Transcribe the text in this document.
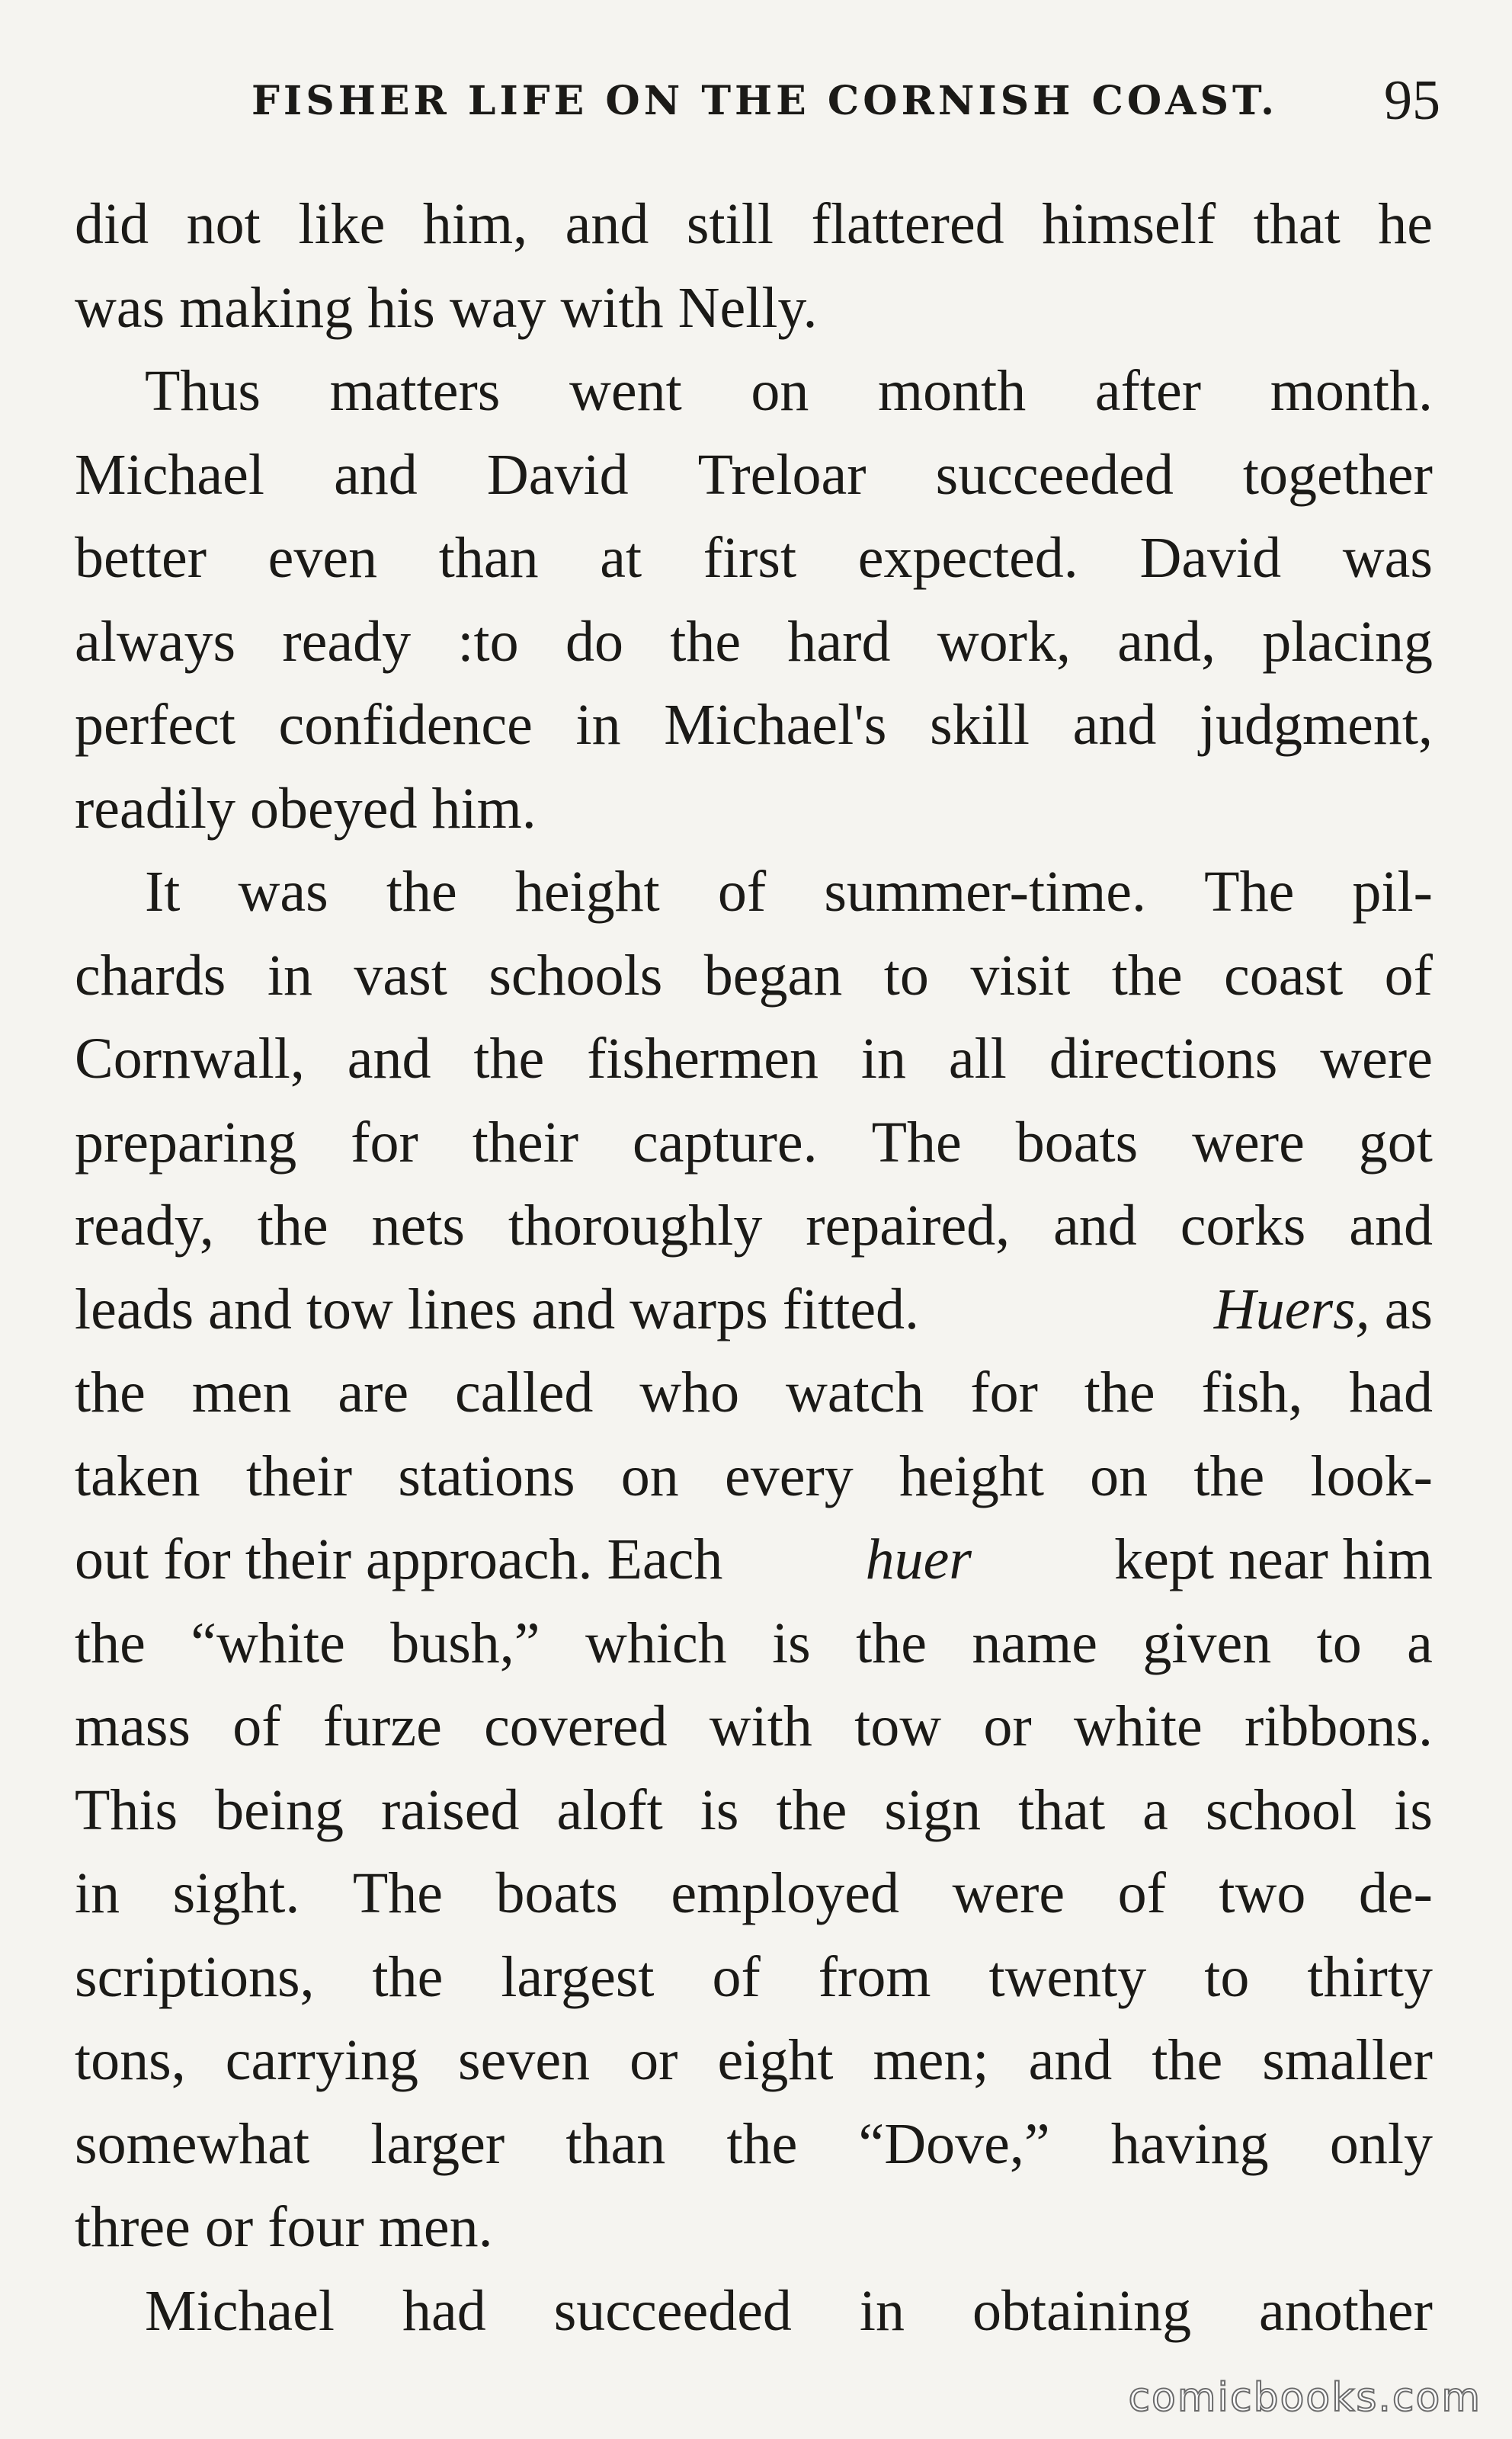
FISHER LIFE ON THE CORNISH COAST. 95
did not like him, and still flattered himself that he
was making his way with Nelly.
Thus matters went on month after month.
Michael and David Treloar succeeded together
better even than at first expected. David was
always ready :to do the hard work, and, placing
perfect confidence in Michael's skill and judgment,
readily obeyed him.
It was the height of summer-time. The pil-
chards in vast schools began to visit the coast of
Cornwall, and the fishermen in all directions were
preparing for their capture. The boats were got
ready, the nets thoroughly repaired, and corks and
leads and tow lines and warps fitted.	Huers, as
the men are called who watch for the fish, had
taken their stations on every height on the look-
out for their approach. Each huer kept near him
the “white bush,” which is the name given to a
mass of furze covered with tow or white ribbons.
This being raised aloft is the sign that a school is
in sight. The boats employed were of two de-
scriptions, the largest of from twenty to thirty
tons, carrying seven or eight men; and the smaller
somewhat larger than the “Dove,” having only
three or four men.
Michael had succeeded in obtaining another
comicbooks.com
